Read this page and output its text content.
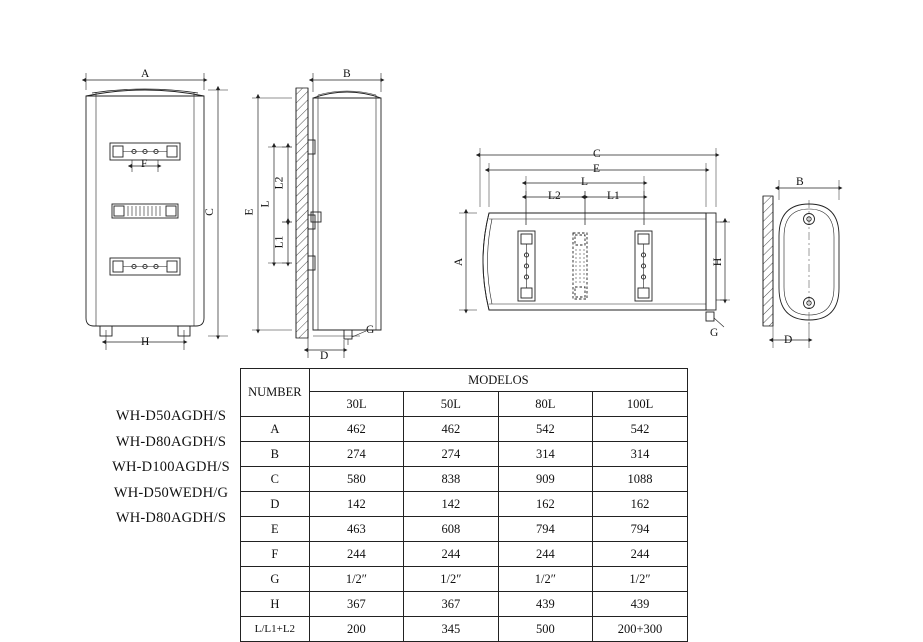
A
C
F
H
B
E
L
L1
L2
D
G
C
E
L
L2	L1
A	H
G
B
D
WH-D50AGDH/S
WH-D80AGDH/S
WH-D100AGDH/S
WH-D50WEDH/G
WH-D80AGDH/S
NUMBER	MODELOS			
	30L	50L	80L	100L
A	462	462	542	542
B	274	274	314	314
C	580	838	909	1088
D	142	142	162	162
E	463	608	794	794
F	244	244	244	244
G	1/2″	1/2″	1/2″	1/2″
H	367	367	439	439
L/L1+L2	200	345	500	200+300
